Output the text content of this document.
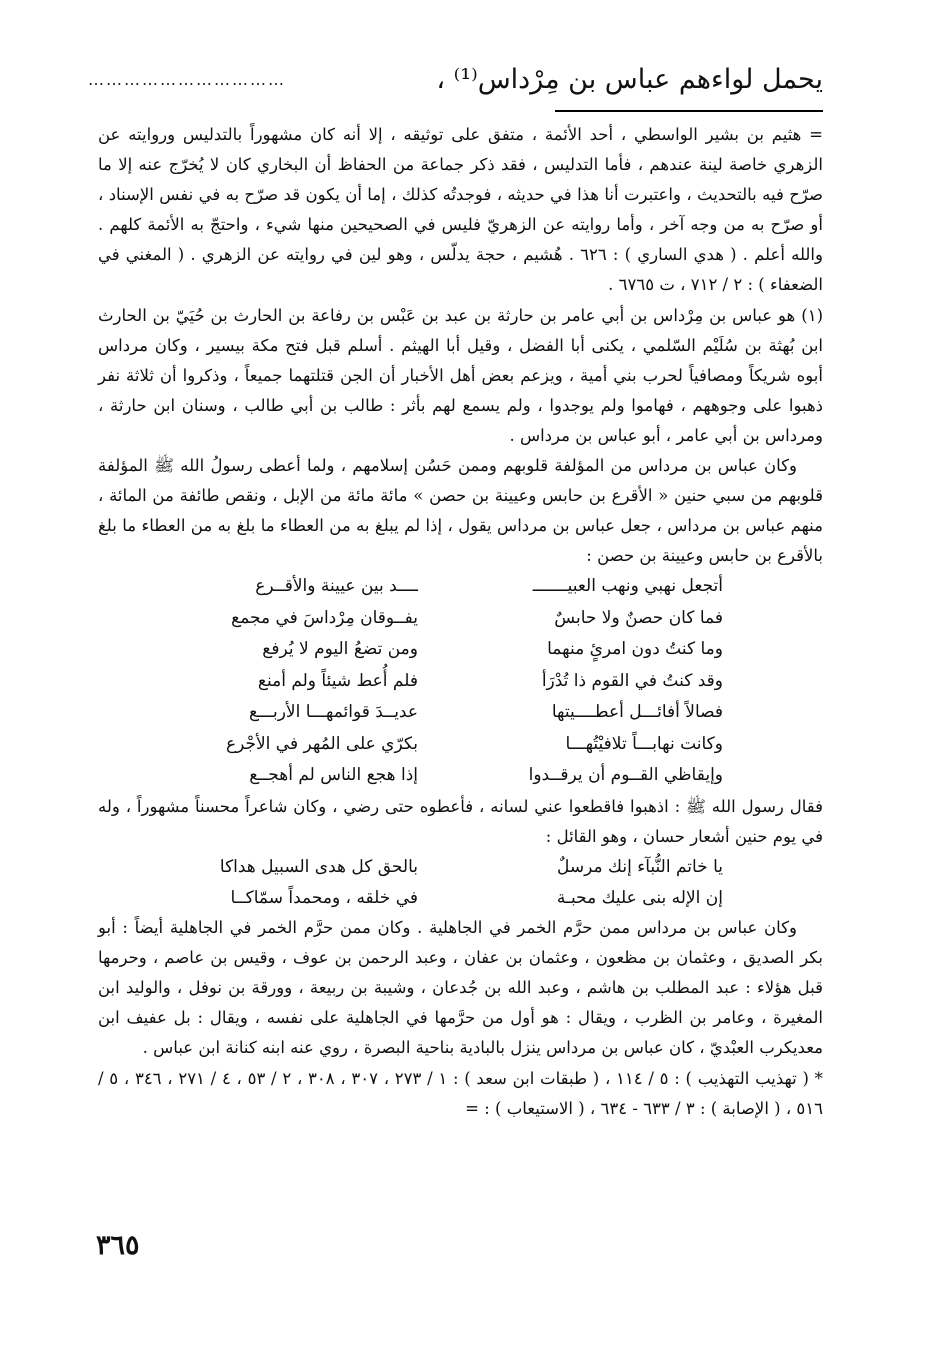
يحمل لواءهم عباس بن مِرْداس⁽¹⁾ ،
……………………………

= هثيم بن بشير الواسطي ، أحد الأئمة ، متفق على توثيقه ، إلا أنه كان مشهوراً بالتدليس وروايته عن الزهري خاصة لينة عندهم ، فأما التدليس ، فقد ذكر جماعة من الحفاظ أن البخاري كان لا يُخرّج عنه إلا ما صرّح فيه بالتحديث ، واعتبرت أنا هذا في حديثه ، فوجدتُه كذلك ، إما أن يكون قد صرّح به في نفس الإسناد ، أو صرّح به من وجه آخر ، وأما روايته عن الزهريّ فليس في الصحيحين منها شيء ، واحتجّ به الأئمة كلهم . والله أعلم . ( هدي الساري ) : ٦٢٦ . هُشيم ، حجة يدلّس ، وهو لين في روايته عن الزهري . ( المغني في الضعفاء ) : ٢ / ٧١٢ ، ت ٦٧٦٥ .

(١)هو عباس بن مِرْداس بن أبي عامر بن حارثة بن عبد بن عَبْس بن رفاعة بن الحارث بن حُيَيّ بن الحارث ابن بُهثة بن سُلَيْم السّلمي ، يكنى أبا الفضل ، وقيل أبا الهيثم . أسلم قبل فتح مكة بيسير ، وكان مرداس أبوه شريكاً ومصافياً لحرب بني أمية ، ويزعم بعض أهل الأخبار أن الجن قتلتهما جميعاً ، وذكروا أن ثلاثة نفر ذهبوا على وجوههم ، فهاموا ولم يوجدوا ، ولم يسمع لهم بأثر : طالب بن أبي طالب ، وسنان ابن حارثة ، ومرداس بن أبي عامر ، أبو عباس بن مرداس .

وكان عباس بن مرداس من المؤلفة قلوبهم وممن حَسُن إسلامهم ، ولما أعطى رسولُ الله ﷺ المؤلفة قلوبهم من سبي حنين « الأقرع بن حابس وعيينة بن حصن » مائة مائة من الإبل ، ونقص طائفة من المائة ، منهم عباس بن مرداس ، جعل عباس بن مرداس يقول ، إذا لم يبلغ به من العطاء ما بلغ به من العطاء ما بلغ بالأقرع بن حابس وعيينة بن حصن :

أتجعل نهبي ونهب العبيـــــــ
ــــد بين عيينة والأقــرع
فما كان حصنٌ ولا حابسٌ
يفــوقان مِرْداسَ في مجمع
وما كنتُ دون امرئٍ منهما
ومن تضعُ اليوم لا يُرفع
وقد كنتُ في القوم ذا تُدْرَأ
فلم أُعط شيئاً ولم أمنع
فصالاً أفائـــل أعطــــيتها
عديــدَ قوائمهـــا الأربـــع
وكانت نهابـــاً تلافيْتُهـــا
بكرّي على المُهر في الأجْرع
وإيقاظي القــوم أن يرقــدوا
إذا هجع الناس لم أهجــع

فقال رسول الله ﷺ : اذهبوا فاقطعوا عني لسانه ، فأعطوه حتى رضي ، وكان شاعراً محسناً مشهوراً ، وله في يوم حنين أشعار حسان ، وهو القائل :

يا خاتم النُّبآء إنك مرسلٌ
بالحق كل هدى السبيل هداكا
إن الإله بنى عليك محبـة
في خلقه ، ومحمداً سمّاكــا

وكان عباس بن مرداس ممن حرَّم الخمر في الجاهلية . وكان ممن حرَّم الخمر في الجاهلية أيضاً : أبو بكر الصديق ، وعثمان بن مظعون ، وعثمان بن عفان ، وعبد الرحمن بن عوف ، وقيس بن عاصم ، وحرمها قبل هؤلاء : عبد المطلب بن هاشم ، وعبد الله بن جُدعان ، وشيبة بن ربيعة ، وورقة بن نوفل ، والوليد ابن المغيرة ، وعامر بن الظرب ، ويقال : هو أول من حرَّمها في الجاهلية على نفسه ، ويقال : بل عفيف ابن معديكرب العبْديّ ، كان عباس بن مرداس ينزل بالبادية بناحية البصرة ، روي عنه ابنه كنانة ابن عباس .

* ( تهذيب التهذيب ) : ٥ / ١١٤ ، ( طبقات ابن سعد ) : ١ / ٢٧٣ ، ٣٠٧ ، ٣٠٨ ، ٢ / ٥٣ ، ٤ / ٢٧١ ، ٣٤٦ ، ٥ / ٥١٦ ، ( الإصابة ) : ٣ / ٦٣٣ - ٦٣٤ ، ( الاستيعاب ) : =

٣٦٥
